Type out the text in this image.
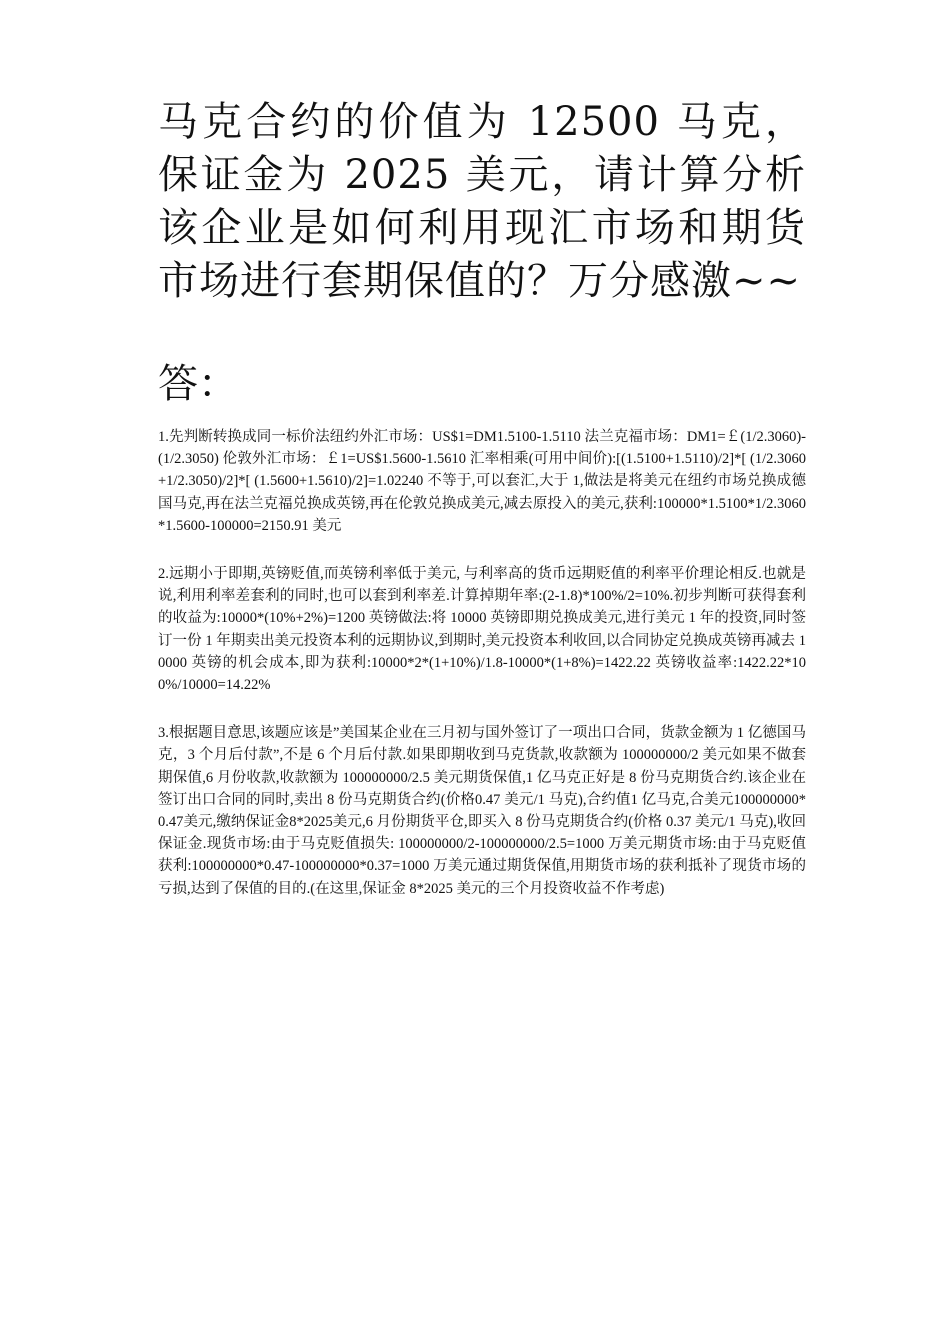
马克合约的价值为 12500 马克，保证金为 2025 美元，请计算分析该企业是如何利用现汇市场和期货市场进行套期保值的？万分感激~~
答：

1.先判断转换成同一标价法纽约外汇市场：US$1=DM1.5100-1.5110 法兰克福市场：DM1=￡(1/2.3060)-(1/2.3050) 伦敦外汇市场：￡1=US$1.5600-1.5610 汇率相乘(可用中间价):[(1.5100+1.5110)/2]*[ (1/2.3060+1/2.3050)/2]*[ (1.5600+1.5610)/2]=1.02240 不等于,可以套汇,大于 1,做法是将美元在纽约市场兑换成德国马克,再在法兰克福兑换成英镑,再在伦敦兑换成美元,减去原投入的美元,获利:100000*1.5100*1/2.3060*1.5600-100000=2150.91 美元

2.远期小于即期,英镑贬值,而英镑利率低于美元, 与利率高的货币远期贬值的利率平价理论相反.也就是说,利用利率差套利的同时,也可以套到利率差.计算掉期年率:(2-1.8)*100%/2=10%.初步判断可获得套利的收益为:10000*(10%+2%)=1200 英镑做法:将 10000 英镑即期兑换成美元,进行美元 1 年的投资,同时签订一份 1 年期卖出美元投资本利的远期协议,到期时,美元投资本利收回,以合同协定兑换成英镑再减去 10000 英镑的机会成本,即为获利:10000*2*(1+10%)/1.8-10000*(1+8%)=1422.22 英镑收益率:1422.22*100%/10000=14.22%

3.根据题目意思,该题应该是”美国某企业在三月初与国外签订了一项出口合同，货款金额为 1 亿德国马克，3 个月后付款”,不是 6 个月后付款.如果即期收到马克货款,收款额为 100000000/2 美元如果不做套期保值,6 月份收款,收款额为 100000000/2.5 美元期货保值,1 亿马克正好是 8 份马克期货合约.该企业在签订出口合同的同时,卖出 8 份马克期货合约(价格0.47 美元/1 马克),合约值1 亿马克,合美元100000000*0.47美元,缴纳保证金8*2025美元,6 月份期货平仓,即买入 8 份马克期货合约(价格 0.37 美元/1 马克),收回保证金.现货市场:由于马克贬值损失: 100000000/2-100000000/2.5=1000 万美元期货市场:由于马克贬值获利:100000000*0.47-100000000*0.37=1000 万美元通过期货保值,用期货市场的获利抵补了现货市场的亏损,达到了保值的目的.(在这里,保证金 8*2025 美元的三个月投资收益不作考虑)
